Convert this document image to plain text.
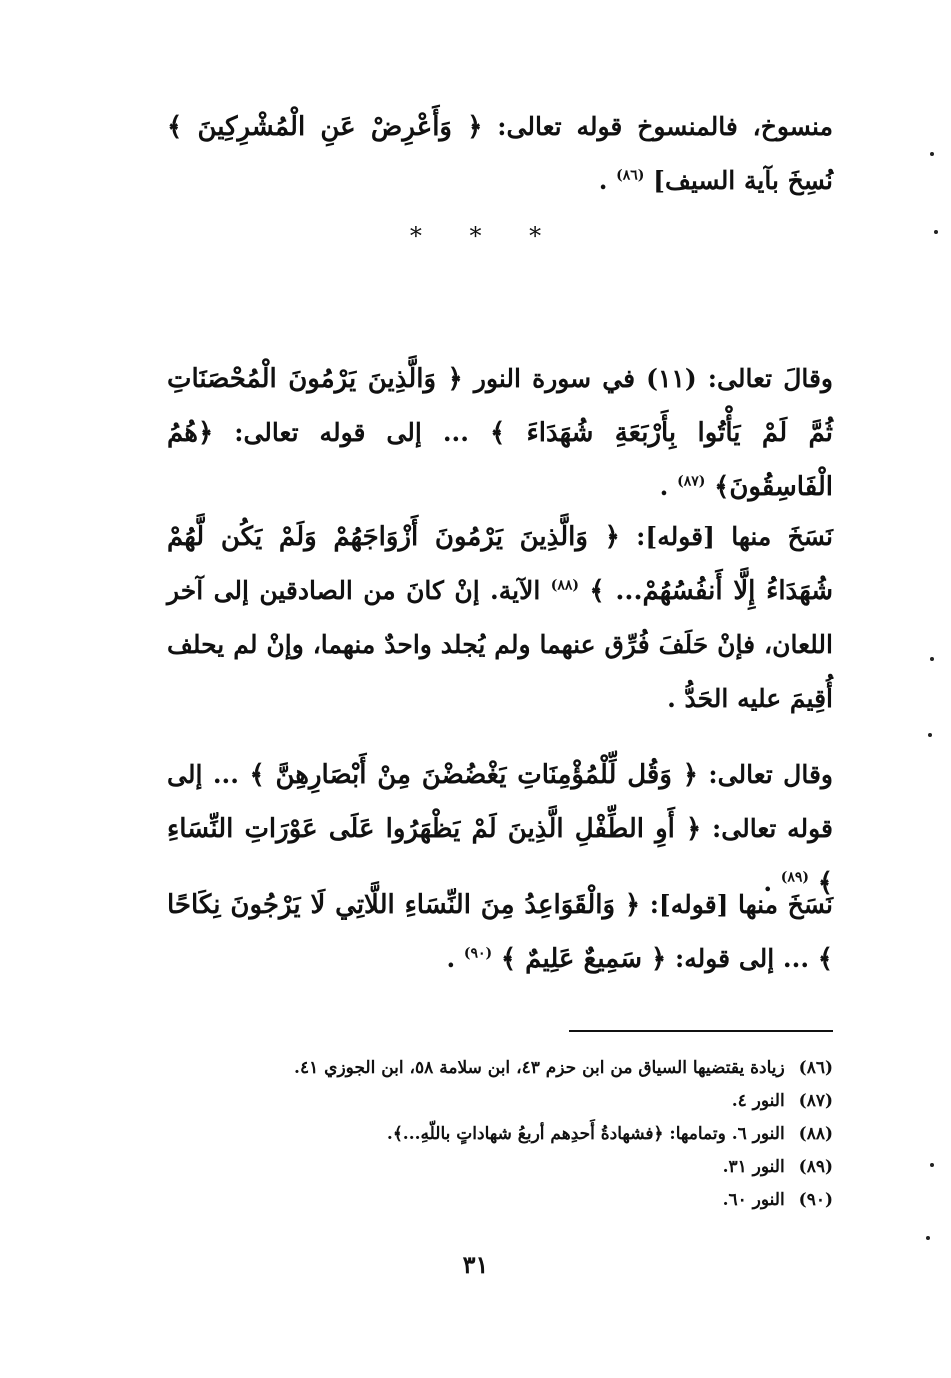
منسوخ، فالمنسوخ قوله تعالى: ﴿ وَأَعْرِضْ عَنِ الْمُشْرِكِينَ ﴾ نُسِخَ بآية السيف] $^{(٨٦)}$ .

* * *

وقالَ تعالى: (١١) في سورة النور ﴿ وَالَّذِينَ يَرْمُونَ الْمُحْصَنَاتِ ثُمَّ لَمْ يَأْتُوا بِأَرْبَعَةِ شُهَدَاءَ ﴾ ... إلى قوله تعالى: ﴿هُمُ الْفَاسِقُونَ﴾ $^{(٨٧)}$ .

نَسَخَ منها [قوله]: ﴿ وَالَّذِينَ يَرْمُونَ أَزْوَاجَهُمْ وَلَمْ يَكُن لَّهُمْ شُهَدَاءُ إِلَّا أَنفُسُهُمْ... ﴾ $^{(٨٨)}$ الآية. إنْ كانَ من الصادقين إلى آخر اللعان، فإنْ حَلَفَ فُرِّق عنهما ولم يُجلد واحدٌ منهما، وإنْ لم يحلف أُقِيمَ عليه الحَدُّ .

وقال تعالى: ﴿ وَقُل لِّلْمُؤْمِنَاتِ يَغْضُضْنَ مِنْ أَبْصَارِهِنَّ ﴾ ... إلى قوله تعالى: ﴿ أَوِ الطِّفْلِ الَّذِينَ لَمْ يَظْهَرُوا عَلَى عَوْرَاتِ النِّسَاءِ ﴾ $^{(٨٩)}$ .

نَسَخَ منها [قوله]: ﴿ وَالْقَوَاعِدُ مِنَ النِّسَاءِ اللَّاتِي لَا يَرْجُونَ نِكَاحًا ﴾ ... إلى قوله: ﴿ سَمِيعٌ عَلِيمٌ ﴾ $^{(٩٠)}$ .

(٨٦) زيادة يقتضيها السياق من ابن حزم ٤٣، ابن سلامة ٥٨، ابن الجوزي ٤١.
(٨٧) النور ٤.
(٨٨) النور ٦. وتمامها: ﴿فشهادةُ أَحدِهم أربعُ شهاداتٍ باللّهِ...﴾.
(٨٩) النور ٣١.
(٩٠) النور ٦٠.
٣١
